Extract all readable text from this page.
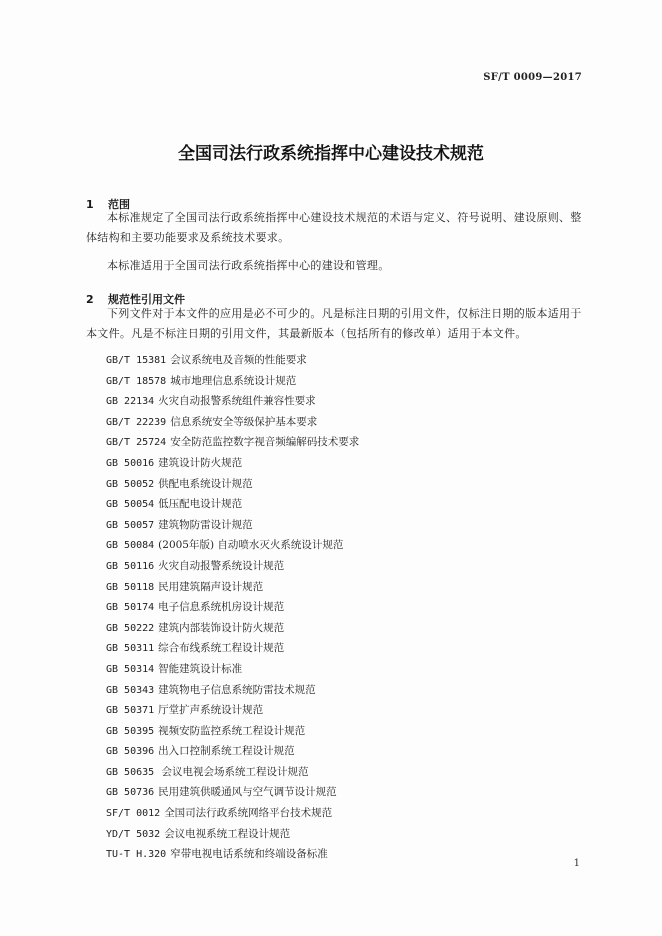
SF/T 0009—2017
全国司法行政系统指挥中心建设技术规范
1 范围
本标准规定了全国司法行政系统指挥中心建设技术规范的术语与定义、符号说明、建设原则、整体结构和主要功能要求及系统技术要求。
本标准适用于全国司法行政系统指挥中心的建设和管理。
2 规范性引用文件
下列文件对于本文件的应用是必不可少的。凡是标注日期的引用文件，仅标注日期的版本适用于本文件。凡是不标注日期的引用文件，其最新版本（包括所有的修改单）适用于本文件。
GB/T 15381 会议系统电及音频的性能要求
GB/T 18578 城市地理信息系统设计规范
GB 22134 火灾自动报警系统组件兼容性要求
GB/T 22239 信息系统安全等级保护基本要求
GB/T 25724 安全防范监控数字视音频编解码技术要求
GB 50016 建筑设计防火规范
GB 50052 供配电系统设计规范
GB 50054 低压配电设计规范
GB 50057 建筑物防雷设计规范
GB 50084 (2005年版) 自动喷水灭火系统设计规范
GB 50116 火灾自动报警系统设计规范
GB 50118 民用建筑隔声设计规范
GB 50174 电子信息系统机房设计规范
GB 50222 建筑内部装饰设计防火规范
GB 50311 综合布线系统工程设计规范
GB 50314 智能建筑设计标准
GB 50343 建筑物电子信息系统防雷技术规范
GB 50371 厅堂扩声系统设计规范
GB 50395 视频安防监控系统工程设计规范
GB 50396 出入口控制系统工程设计规范
GB 50635 会议电视会场系统工程设计规范
GB 50736 民用建筑供暖通风与空气调节设计规范
SF/T 0012 全国司法行政系统网络平台技术规范
YD/T 5032 会议电视系统工程设计规范
TU-T H.320 窄带电视电话系统和终端设备标准
1
